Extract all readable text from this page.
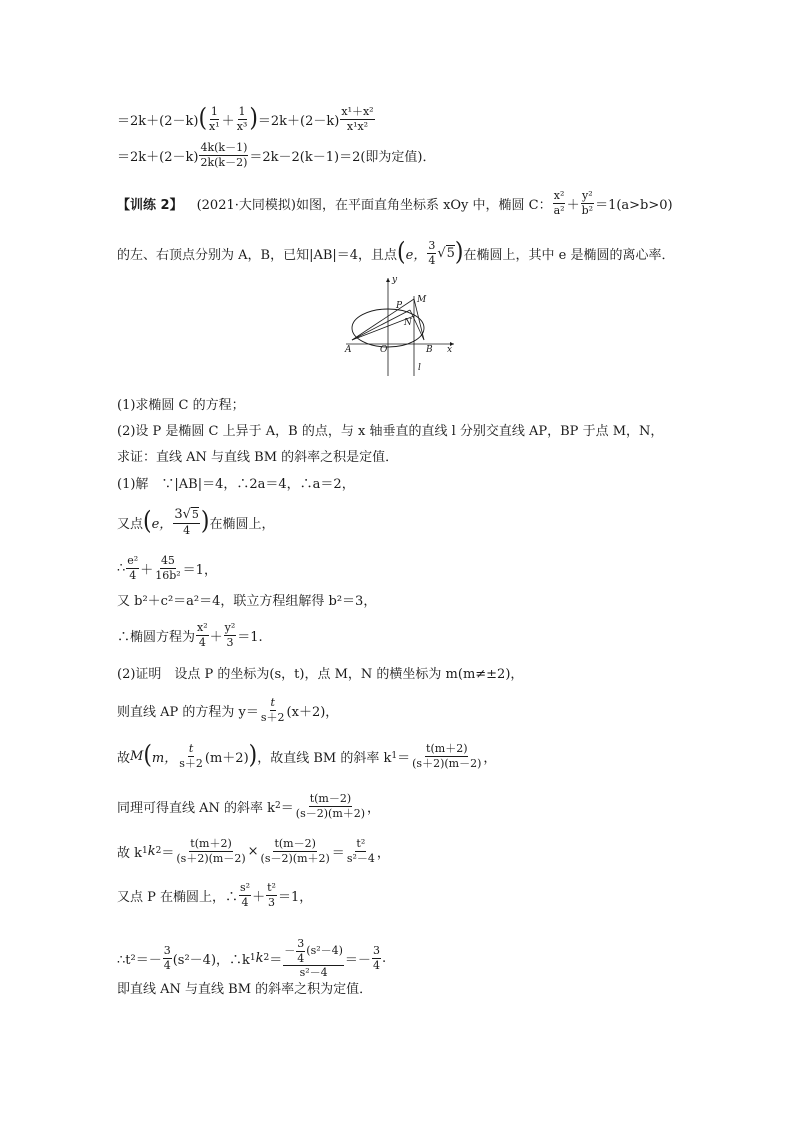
＝2k＋(2－k) ( $\frac{1}{\text{x¹}} + \frac{1}{\text{x³}}$ ) $=2k+(2-k) \frac{\text{x¹＋x²}}{\text{x¹x²}}$
$=2k+(2-k) \frac{4k(k-1)}{2k(k-2)} =2k-2(k-1)=2$(即为定值)．
【训练 2】 (2021·大同模拟)如图，在平面直角坐标系 xOy 中，椭圆 C： $\frac{\text{x²}}{\text{a²}} + \frac{\text{y²}}{\text{b²}} =1(a>b>0)$
的左、右顶点分别为 A，B，已知|AB|＝4，且点 ( e， $\frac{3}{4}$ √ 5 ) 在椭圆上，其中 e 是椭圆的离心率．
y
P
M
N
A	O	B x
l
(1)求椭圆 C 的方程；
(2)设 P 是椭圆 C 上异于 A，B 的点，与 x 轴垂直的直线 l 分别交直线 AP，BP 于点 M，N，
求证：直线 AN 与直线 BM 的斜率之积是定值．
(1)解　∵|AB|＝4，∴2a＝4，∴a＝2，
又点 ( e， $\frac{3√5}{4}$ ) 在椭圆上，
∴ $\frac{\text{e²}}{4} + \frac{45}{\text{16b²}} =1$，
又 b²＋c²＝a²＝4，联立方程组解得 b²＝3，
∴椭圆方程为 $\frac{\text{x²}}{4} + \frac{\text{y²}}{3} =1$.
(2)证明　设点 P 的坐标为(s，t)，点 M，N 的横坐标为 m(m≠±2)，
则直线 AP 的方程为 $y= \frac{t}{s+2} (x+2)$，
故 M ( m， $\frac{t}{s+2} (m+2)$ ) ，故直线 BM 的斜率 k $1 = \frac{t(m+2)}{(s+2)(m-2)}$ ，
同理可得直线 AN 的斜率 k $2 = \frac{t(m-2)}{(s-2)(m+2)}$ ，
故 k 1 k $2 = \frac{t(m+2)}{(s+2)(m-2)} \times \frac{t(m-2)}{(s-2)(m+2)} = \frac{\text{t²}}{\text{s²－4}}$ ，
又点 P 在椭圆上，∴ $\frac{\text{s²}}{4} + \frac{\text{t²}}{3} =1$，
∴t²＝－ $\frac{3}{4} (s^2-4)$，∴k 1 k $2 = \frac{- \frac{3}{4} (s^2-4)}{\text{s²－4}} =- \frac{3}{4}$ .
即直线 AN 与直线 BM 的斜率之积为定值．
